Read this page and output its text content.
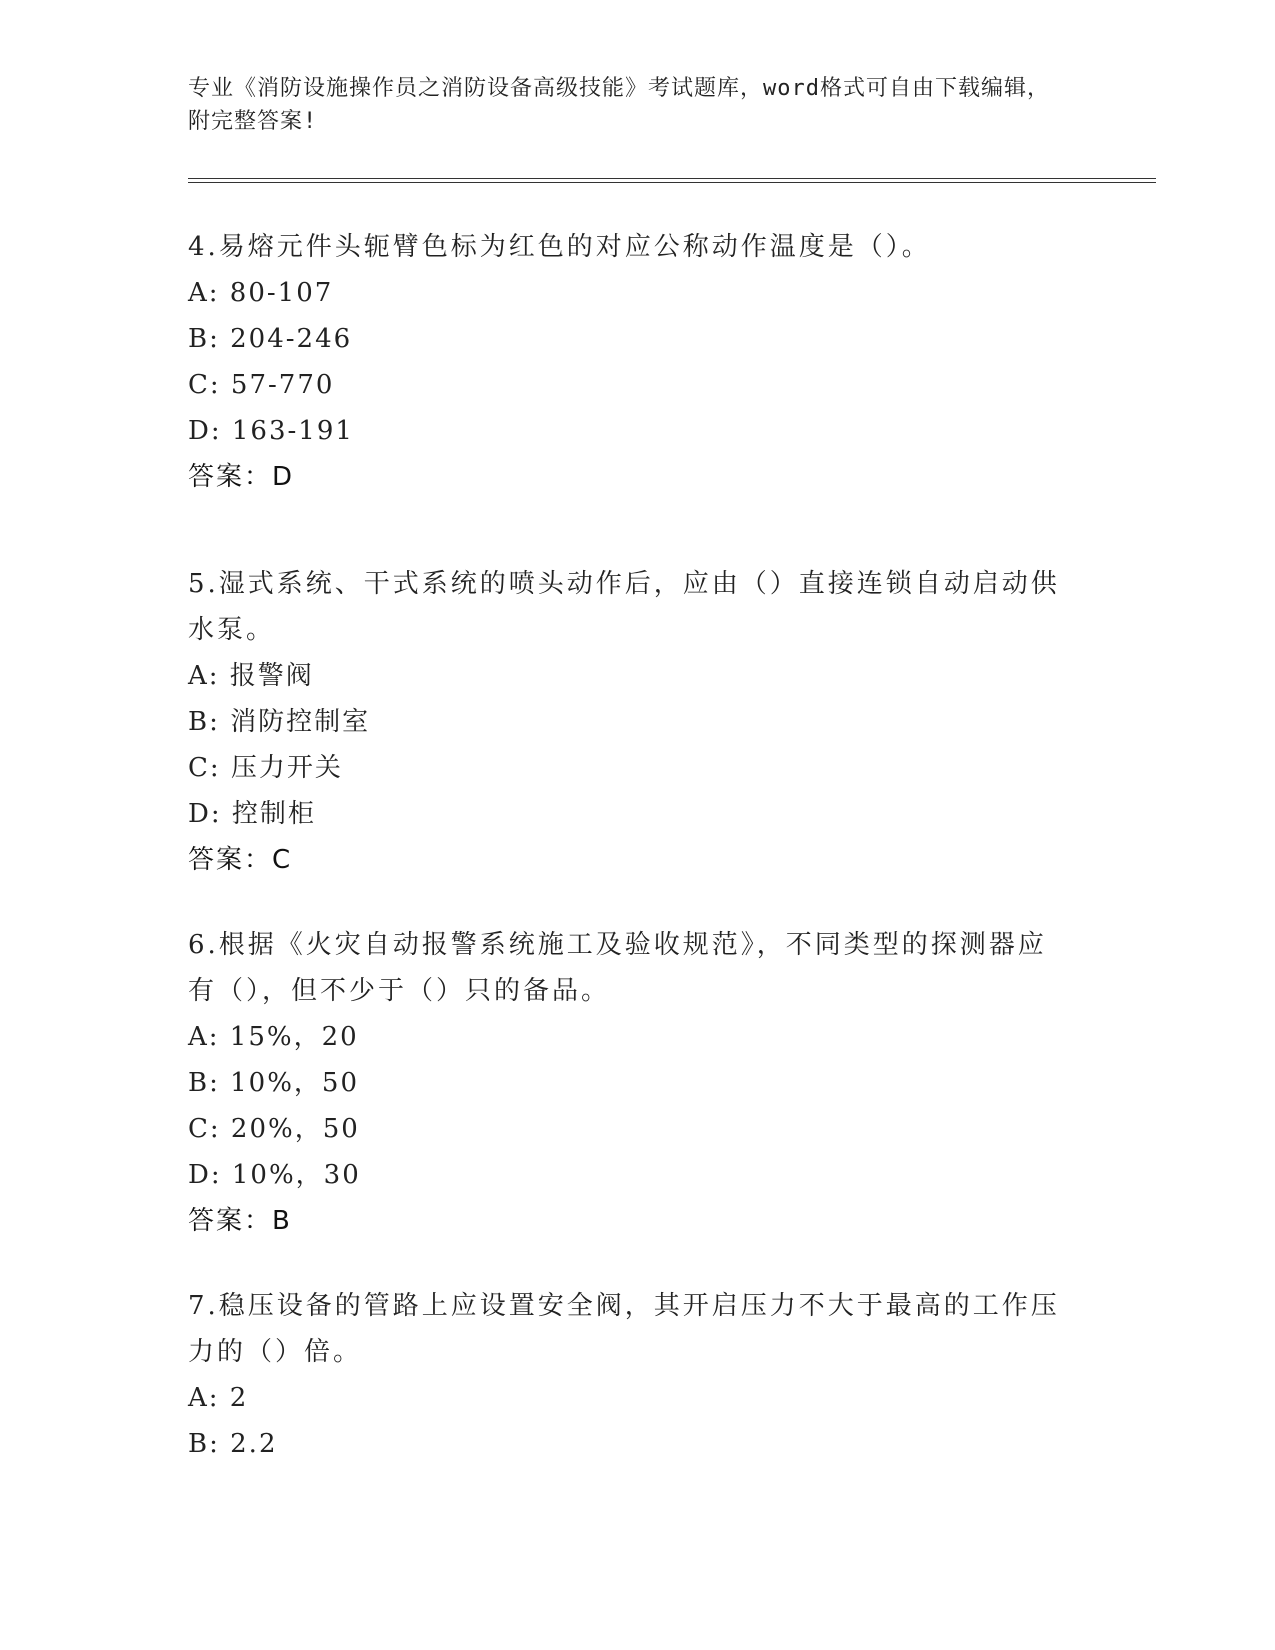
专业《消防设施操作员之消防设备高级技能》考试题库，word格式可自由下载编辑，附完整答案!

4.易熔元件头轭臂色标为红色的对应公称动作温度是（）。

A: 80-107

B: 204-246

C: 57-770

D: 163-191

答案：D

5.湿式系统、干式系统的喷头动作后，应由（）直接连锁自动启动供水泵。

A: 报警阀

B: 消防控制室

C: 压力开关

D: 控制柜

答案：C

6.根据《火灾自动报警系统施工及验收规范》，不同类型的探测器应有（），但不少于（）只的备品。

A: 15%，20

B: 10%，50

C: 20%，50

D: 10%，30

答案：B

7.稳压设备的管路上应设置安全阀，其开启压力不大于最高的工作压力的（）倍。

A: 2

B: 2.2
